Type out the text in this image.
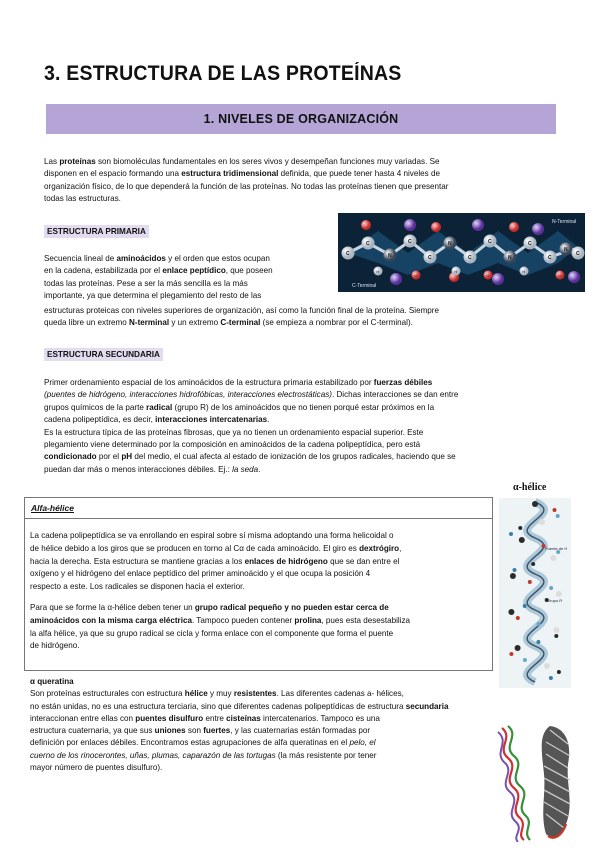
3. ESTRUCTURA DE LAS PROTEÍNAS
1. NIVELES DE ORGANIZACIÓN
Las proteínas son biomoléculas fundamentales en los seres vivos y desempeñan funciones muy variadas. Se
disponen en el espacio formando una estructura tridimensional definida, que puede tener hasta 4 niveles de
organización físico, de lo que dependerá la función de las proteínas. No todas las proteínas tienen que presentar
todas las estructuras.
ESTRUCTURA PRIMARIA
Secuencia lineal de aminoácidos y el orden que estos ocupan
en la cadena, estabilizada por el enlace peptídico, que poseen
todas las proteínas. Pese a ser la más sencilla es la más
importante, ya que determina el plegamiento del resto de las
estructuras proteicas con niveles superiores de organización, así como la función final de la proteína. Siempre
queda libre un extremo N-terminal y un extremo C-terminal (se empieza a nombrar por el C-terminal).
C
C
N
C
C
N
C
C
N
C
C
N
C
H
O
H
O
H
O
N-Terminal
C-Terminal
ESTRUCTURA SECUNDARIA
Primer ordenamiento espacial de los aminoácidos de la estructura primaria estabilizado por fuerzas débiles
(puentes de hidrógeno, interacciones hidrofóbicas, interacciones electrostáticas). Dichas interacciones se dan entre
grupos químicos de la parte radical (grupo R) de los aminoácidos que no tienen porqué estar próximos en la
cadena polipeptídica, es decir, interacciones intercatenarias.
Es la estructura típica de las proteínas fibrosas, que ya no tienen un ordenamiento espacial superior. Este
plegamiento viene determinado por la composición en aminoácidos de la cadena polipeptídica, pero está
condicionado por el pH del medio, el cual afecta al estado de ionización de los grupos radicales, haciendo que se
puedan dar más o menos interacciones débiles. Ej.: la seda.
Alfa-hélice
La cadena polipeptídica se va enrollando en espiral sobre sí misma adoptando una forma helicoidal o
de hélice debido a los giros que se producen en torno al Cα de cada aminoácido. El giro es dextrógiro,
hacia la derecha. Esta estructura se mantiene gracias a los enlaces de hidrógeno que se dan entre el
oxígeno y el hidrógeno del enlace peptídico del primer aminoácido y el que ocupa la posición 4
respecto a este. Los radicales se disponen hacia el exterior.
Para que se forme la α-hélice deben tener un grupo radical pequeño y no pueden estar cerca de
aminoácidos con la misma carga eléctrica. Tampoco pueden contener prolina, pues esta desestabiliza
la alfa hélice, ya que su grupo radical se cicla y forma enlace con el componente que forma el puente
de hidrógeno.
α-hélice
Puente de H
Grupo R
α queratina
Son proteínas estructurales con estructura hélice y muy resistentes. Las diferentes cadenas a- hélices,
no están unidas, no es una estructura terciaria, sino que diferentes cadenas polipeptídicas de estructura secundaria
interaccionan entre ellas con puentes disulfuro entre cisteínas intercatenarios. Tampoco es una
estructura cuaternaria, ya que sus uniones son fuertes, y las cuaternarias están formadas por
definición por enlaces débiles. Encontramos estas agrupaciones de alfa queratinas en el pelo, el
cuerno de los rinocerontes, uñas, plumas, caparazón de las tortugas (la más resistente por tener
mayor número de puentes disulfuro).
